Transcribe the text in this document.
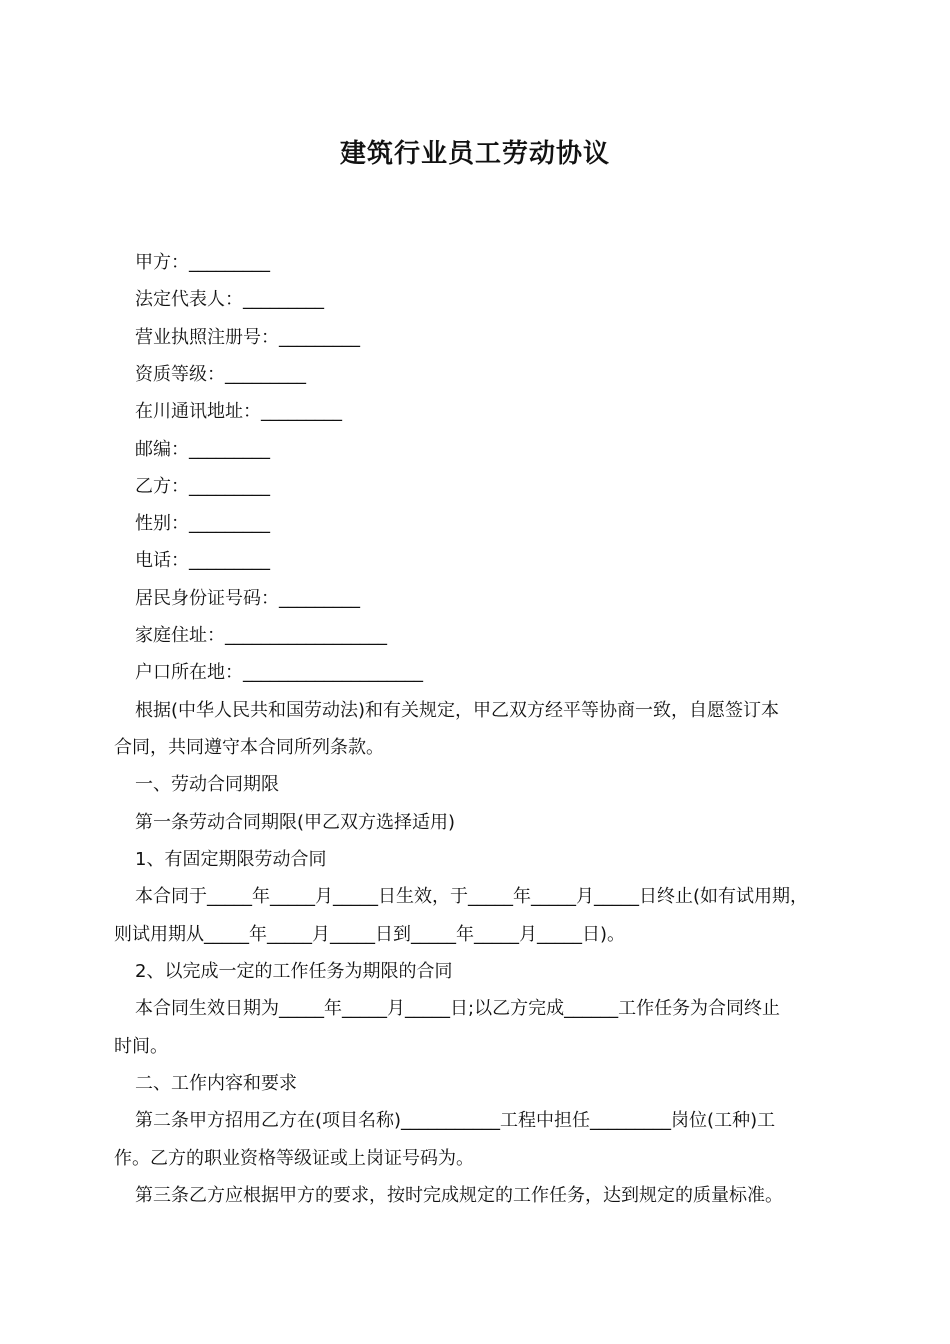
建筑行业员工劳动协议
甲方：_________
法定代表人：_________
营业执照注册号：_________
资质等级：_________
在川通讯地址：_________
邮编：_________
乙方：_________
性别：_________
电话：_________
居民身份证号码：_________
家庭住址：__________________
户口所在地：____________________
根据(中华人民共和国劳动法)和有关规定，甲乙双方经平等协商一致，自愿签订本
合同，共同遵守本合同所列条款。
一、劳动合同期限
第一条劳动合同期限(甲乙双方选择适用)
1、有固定期限劳动合同
本合同于_____年_____月_____日生效，于_____年_____月_____日终止(如有试用期，
则试用期从_____年_____月_____日到_____年_____月_____日)。
2、以完成一定的工作任务为期限的合同
本合同生效日期为_____年_____月_____日;以乙方完成______工作任务为合同终止
时间。
二、工作内容和要求
第二条甲方招用乙方在(项目名称)___________工程中担任_________岗位(工种)工
作。乙方的职业资格等级证或上岗证号码为。
第三条乙方应根据甲方的要求，按时完成规定的工作任务，达到规定的质量标准。
